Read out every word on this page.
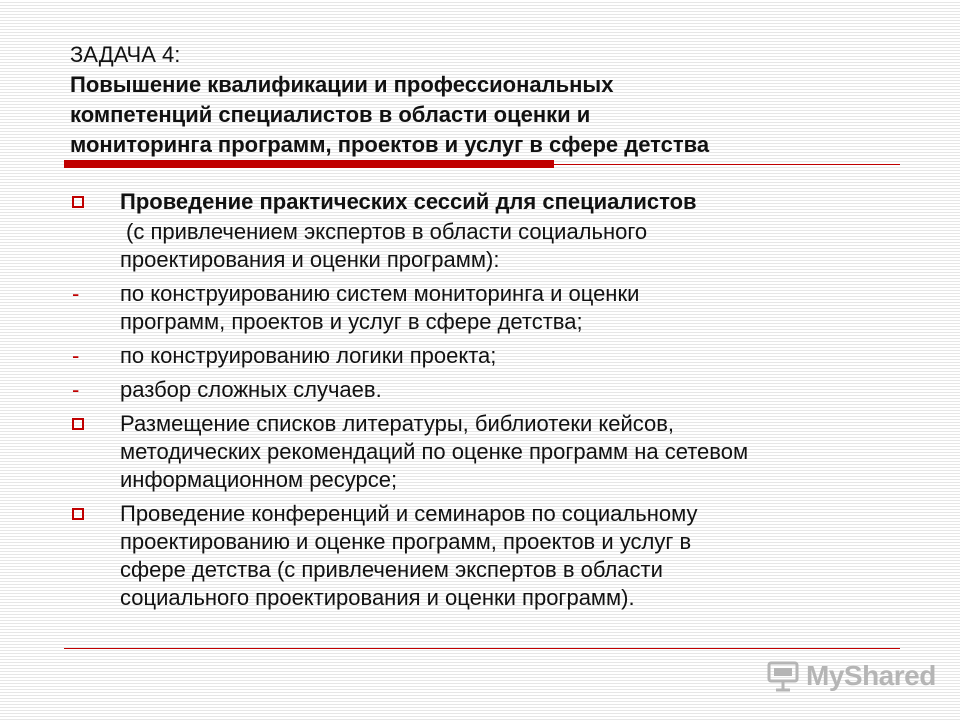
ЗАДАЧА 4:
Повышение квалификации и профессиональных
компетенций специалистов в области оценки и
мониторинга программ, проектов и услуг в сфере детства
Проведение практических сессий для специалистов
(с привлечением экспертов в области социального
проектирования и оценки программ):
- по конструированию систем мониторинга и оценки
программ, проектов и услуг в сфере детства;
- по конструированию логики проекта;
- разбор сложных случаев.
Размещение списков литературы, библиотеки кейсов,
методических рекомендаций по оценке программ на сетевом
информационном ресурсе;
Проведение конференций и семинаров по социальному
проектированию и оценке программ, проектов и услуг в
сфере детства (с привлечением экспертов в области
социального проектирования и оценки программ).
MyShared
